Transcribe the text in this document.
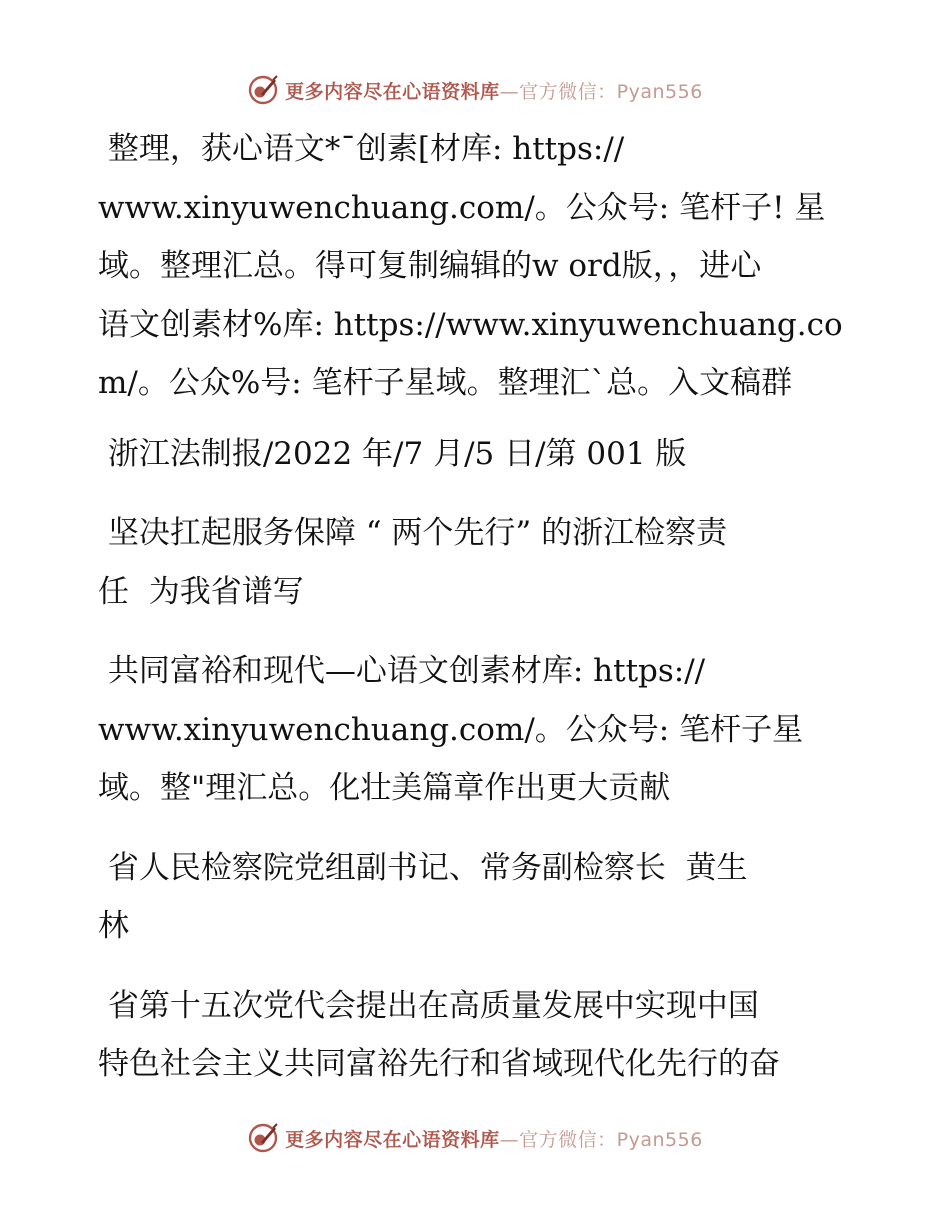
更多内容尽在心语资料库—官方微信：Pyan556

整理，获心语文*¯创素[材库: https://

www.xinyuwenchuang.com/。公众号: 笔杆子! 星

域。整理汇总。得可复制编辑的w ord版，，进心

语文创素材%库: https://www.xinyuwenchuang.co

m/。公众%号: 笔杆子星域。整理汇ˋ总。入文稿群

浙江法制报/2022 年/7 月/5 日/第 001 版

坚决扛起服务保障 “ 两个先行” 的浙江检察责

任  为我省谱写

共同富裕和现代—心语文创素材库: https://

www.xinyuwenchuang.com/。公众号: 笔杆子星

域。整"理汇总。化壮美篇章作出更大贡献

省人民检察院党组副书记、常务副检察长  黄生

林

省第十五次党代会提出在高质量发展中实现中国

特色社会主义共同富裕先行和省域现代化先行的奋

更多内容尽在心语资料库—官方微信：Pyan556
